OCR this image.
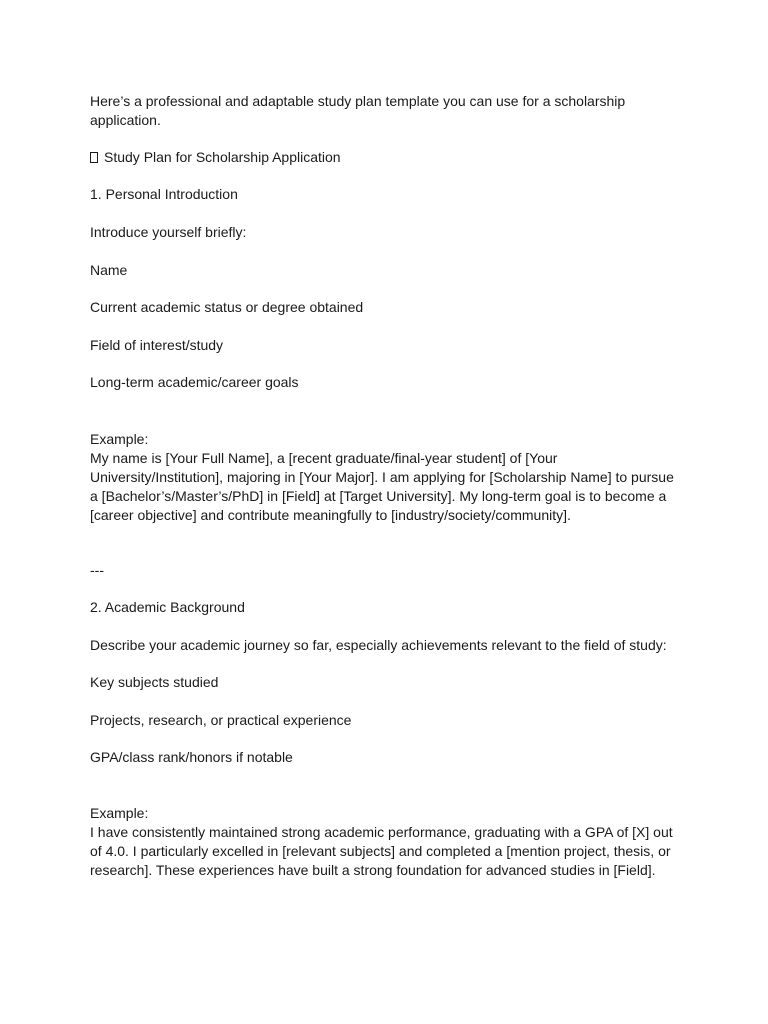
Here’s a professional and adaptable study plan template you can use for a scholarship application.

Study Plan for Scholarship Application

1. Personal Introduction

Introduce yourself briefly:

Name

Current academic status or degree obtained

Field of interest/study

Long-term academic/career goals

Example:

My name is [Your Full Name], a [recent graduate/final-year student] of [Your University/Institution], majoring in [Your Major]. I am applying for [Scholarship Name] to pursue a [Bachelor’s/Master’s/PhD] in [Field] at [Target University]. My long-term goal is to become a [career objective] and contribute meaningfully to [industry/society/community].

---

2. Academic Background

Describe your academic journey so far, especially achievements relevant to the field of study:

Key subjects studied

Projects, research, or practical experience

GPA/class rank/honors if notable

Example:

I have consistently maintained strong academic performance, graduating with a GPA of [X] out of 4.0. I particularly excelled in [relevant subjects] and completed a [mention project, thesis, or research]. These experiences have built a strong foundation for advanced studies in [Field].
